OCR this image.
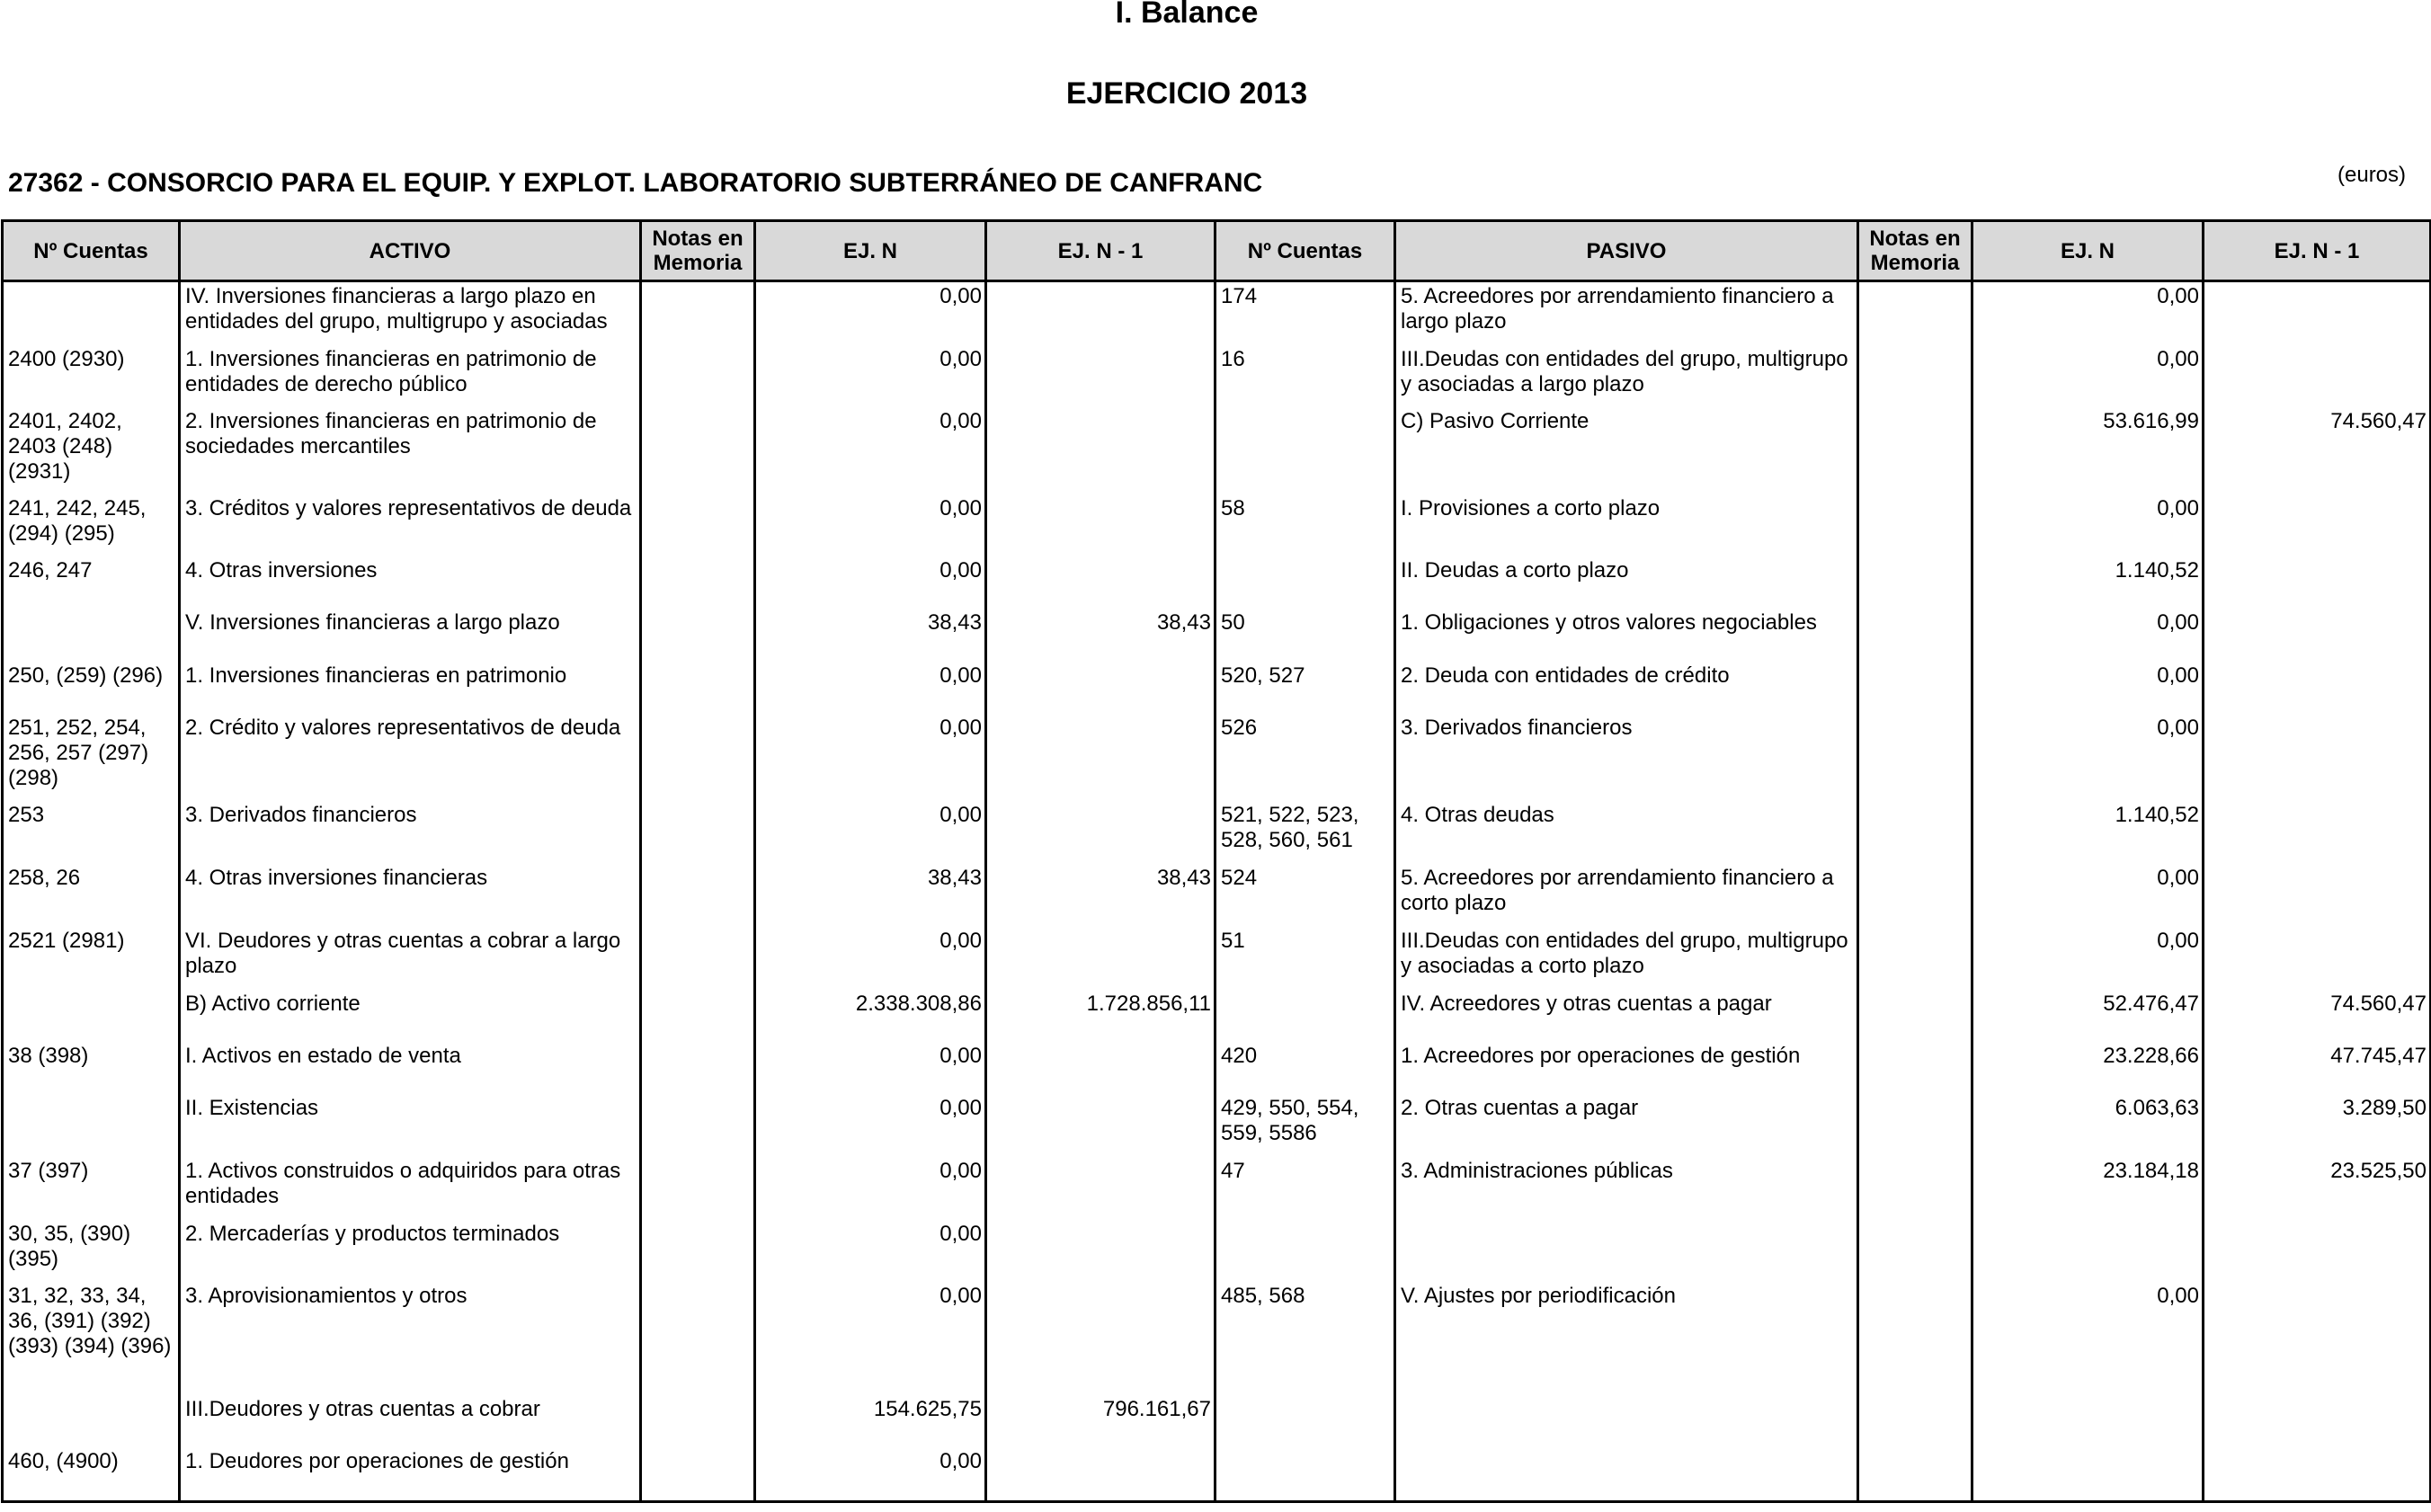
I. Balance
EJERCICIO 2013
27362 - CONSORCIO PARA EL EQUIP. Y EXPLOT. LABORATORIO SUBTERRÁNEO DE CANFRANC	(euros)
Nº Cuentas	ACTIVO	Notas en Memoria	EJ. N	EJ. N - 1	Nº Cuentas	PASIVO	Notas en Memoria	EJ. N	EJ. N - 1
	IV. Inversiones financieras a largo plazo en entidades del grupo, multigrupo y asociadas		0,00		174	5. Acreedores por arrendamiento financiero a largo plazo		0,00	
2400 (2930)	1. Inversiones financieras en patrimonio de entidades de derecho público		0,00		16	III.Deudas con entidades del grupo, multigrupo y asociadas a largo plazo		0,00	
2401, 2402, 2403 (248) (2931)	2. Inversiones financieras en patrimonio de sociedades mercantiles		0,00			C) Pasivo Corriente		53.616,99	74.560,47
241, 242, 245, (294) (295)	3. Créditos y valores representativos de deuda		0,00		58	I. Provisiones a corto plazo		0,00	
246, 247	4. Otras inversiones		0,00			II. Deudas a corto plazo		1.140,52	
	V. Inversiones financieras a largo plazo		38,43	38,43	50	1. Obligaciones y otros valores negociables		0,00	
250, (259) (296)	1. Inversiones financieras en patrimonio		0,00		520, 527	2. Deuda con entidades de crédito		0,00	
251, 252, 254, 256, 257 (297) (298)	2. Crédito y valores representativos de deuda		0,00		526	3. Derivados financieros		0,00	
253	3. Derivados financieros		0,00		521, 522, 523, 528, 560, 561	4. Otras deudas		1.140,52	
258, 26	4. Otras inversiones financieras		38,43	38,43	524	5. Acreedores por arrendamiento financiero a corto plazo		0,00	
2521 (2981)	VI. Deudores y otras cuentas a cobrar a largo plazo		0,00		51	III.Deudas con entidades del grupo, multigrupo y asociadas a corto plazo		0,00	
	B) Activo corriente		2.338.308,86	1.728.856,11		IV. Acreedores y otras cuentas a pagar		52.476,47	74.560,47
38 (398)	I. Activos en estado de venta		0,00		420	1. Acreedores por operaciones de gestión		23.228,66	47.745,47
	II. Existencias		0,00		429, 550, 554, 559, 5586	2. Otras cuentas a pagar		6.063,63	3.289,50
37 (397)	1. Activos construidos o adquiridos para otras entidades		0,00		47	3. Administraciones públicas		23.184,18	23.525,50
30, 35, (390) (395)	2. Mercaderías y productos terminados		0,00						
31, 32, 33, 34, 36, (391) (392) (393) (394) (396)	3. Aprovisionamientos y otros		0,00		485, 568	V. Ajustes por periodificación		0,00	
	III.Deudores y otras cuentas a cobrar		154.625,75	796.161,67					
460, (4900)	1. Deudores por operaciones de gestión		0,00						
